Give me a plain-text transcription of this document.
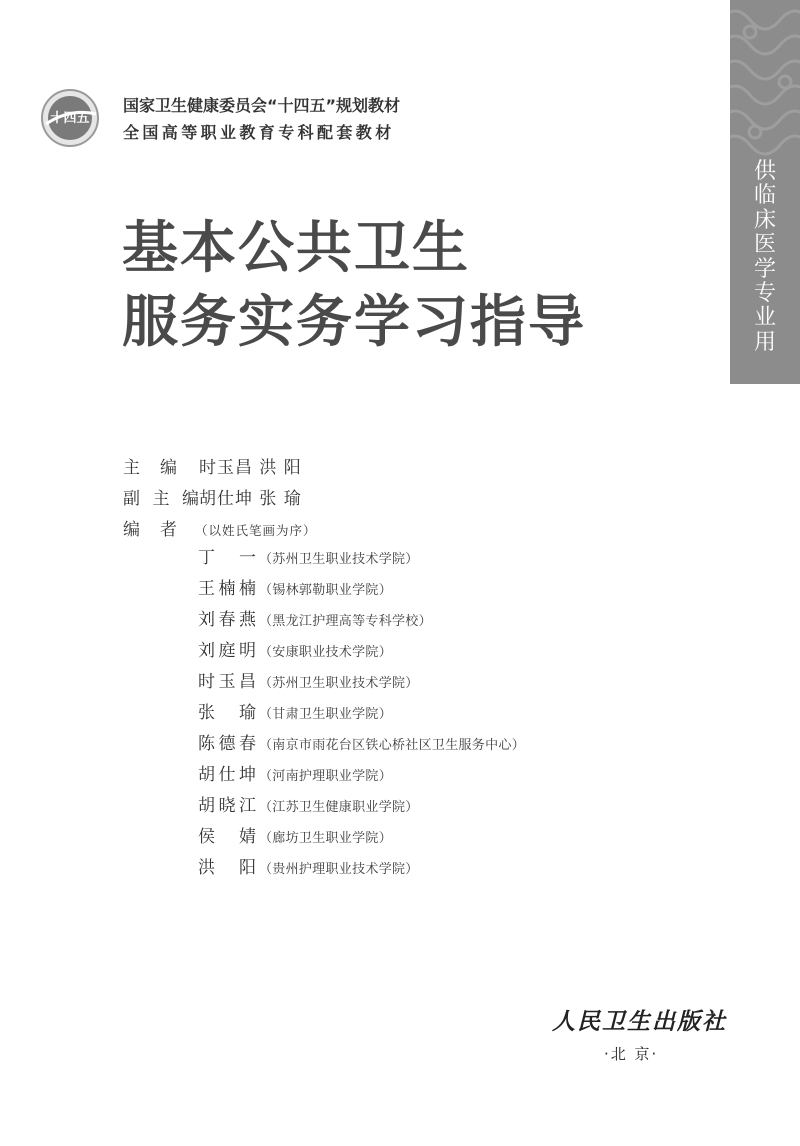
供
临
床
医
学
专
业
用
十四五
国家卫生健康委员会“十四五”规划教材
全国高等职业教育专科配套教材
基本公共卫生
服务实务学习指导
主 编 时玉昌 洪 阳
副 主 编 胡仕坤 张 瑜
编 者 （以姓氏笔画为序）
丁 一 （苏州卫生职业技术学院）
王 楠 楠 （锡林郭勒职业学院）
刘 春 燕 （黑龙江护理高等专科学校）
刘 庭 明 （安康职业技术学院）
时 玉 昌 （苏州卫生职业技术学院）
张 瑜 （甘肃卫生职业学院）
陈 德 春 （南京市雨花台区铁心桥社区卫生服务中心）
胡 仕 坤 （河南护理职业学院）
胡 晓 江 （江苏卫生健康职业学院）
侯 婧 （廊坊卫生职业学院）
洪 阳 （贵州护理职业技术学院）
人民卫生出版社
·北 京·
